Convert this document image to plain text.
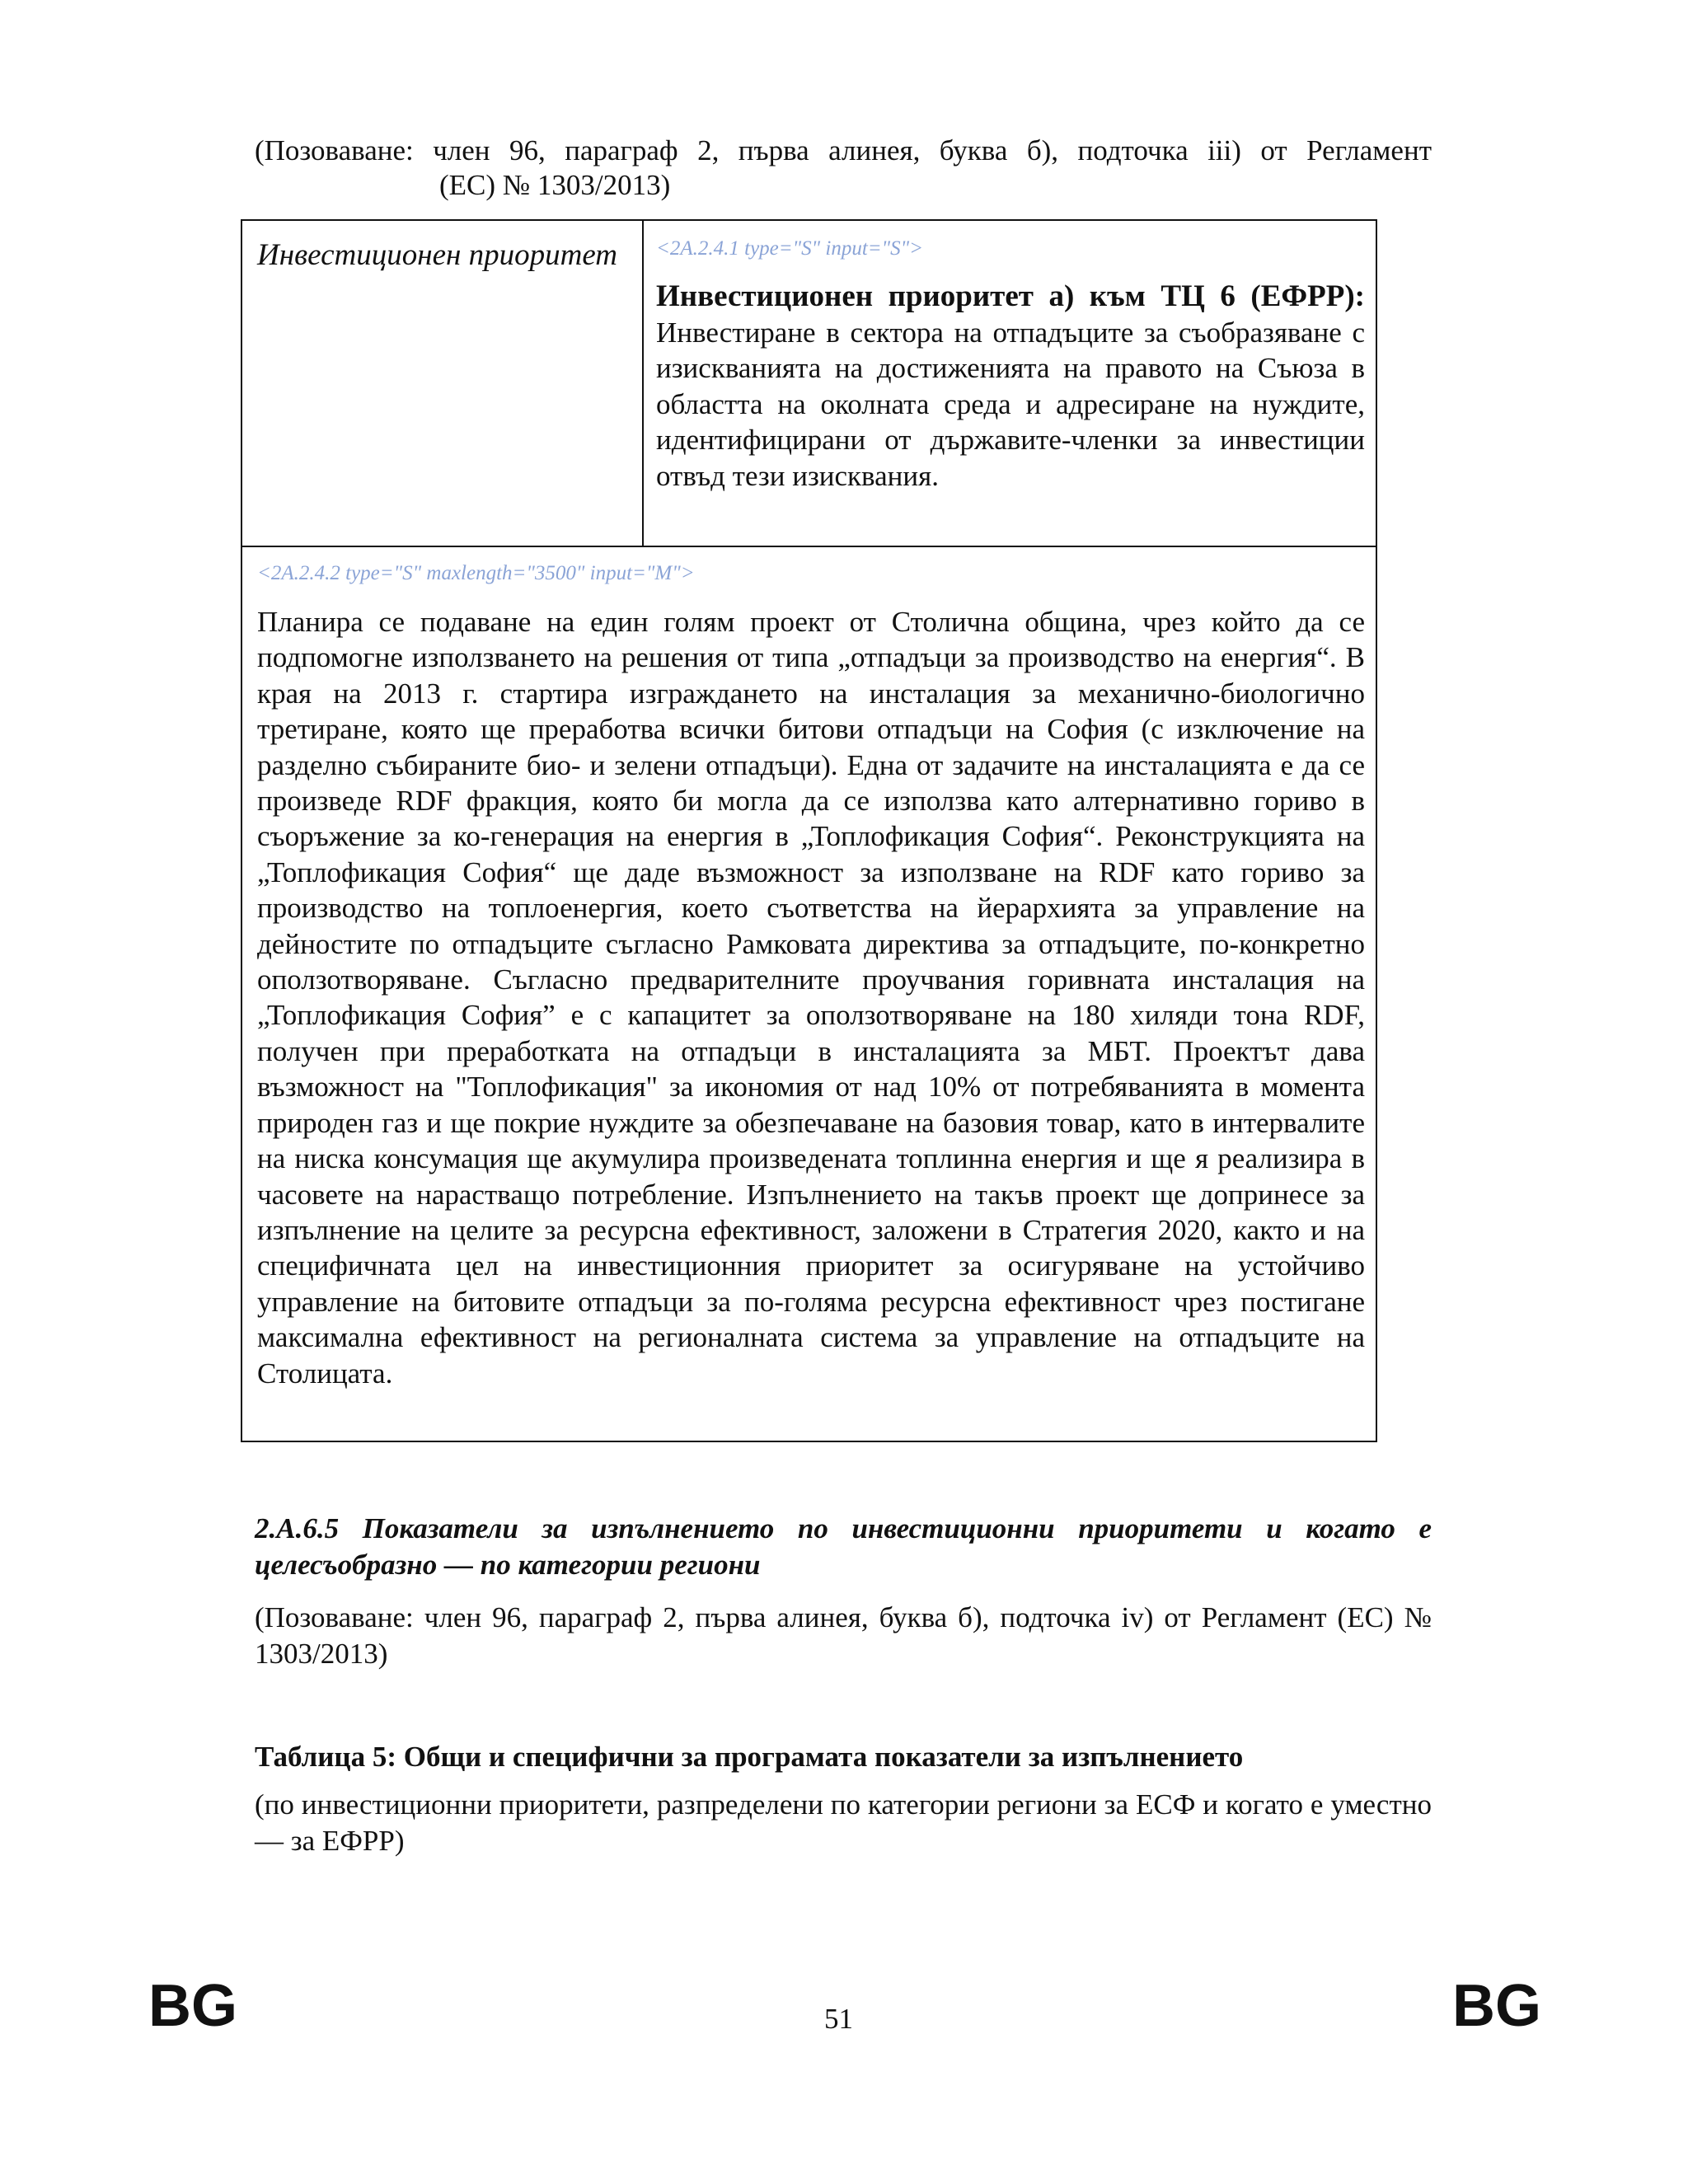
(Позоваване: член 96, параграф 2, първа алинея, буква б), подточка iii) от Регламент
(ЕС) № 1303/2013)
Инвестиционен приоритет <2A.2.4.1 type="S" input="S">
Инвестиционен приоритет а) към ТЦ 6 (ЕФРР): Инвестиране в сектора на отпадъците за съобразяване с изискванията на достиженията на правото на Съюза в областта на околната среда и адресиране на нуждите, идентифицирани от държавите-членки за инвестиции отвъд тези изисквания.
<2A.2.4.2 type="S" maxlength="3500" input="M">
Планира се подаване на един голям проект от Столична община, чрез който да се подпомогне използването на решения от типа „отпадъци за производство на енергия“. В края на 2013 г. стартира изграждането на инсталация за механично-биологично третиране, която ще преработва всички битови отпадъци на София (с изключение на разделно събираните био- и зелени отпадъци). Една от задачите на инсталацията е да се произведе RDF фракция, която би могла да се използва като алтернативно гориво в съоръжение за ко-генерация на енергия в „Топлофикация София“. Реконструкцията на „Топлофикация София“ ще даде възможност за използване на RDF като гориво за производство на топлоенергия, което съответства на йерархията за управление на дейностите по отпадъците съгласно Рамковата директива за отпадъците, по-конкретно оползотворяване. Съгласно предварителните проучвания горивната инсталация на „Топлофикация София” е с капацитет за оползотворяване на 180 хиляди тона RDF, получен при преработката на отпадъци в инсталацията за МБТ. Проектът дава възможност на "Топлофикация" за икономия от над 10% от потребяванията в момента природен газ и ще покрие нуждите за обезпечаване на базовия товар, като в интервалите на ниска консумация ще акумулира произведената топлинна енергия и ще я реализира в часовете на нарастващо потребление. Изпълнението на такъв проект ще допринесе за изпълнение на целите за ресурсна ефективност, заложени в Стратегия 2020, както и на специфичната цел на инвестиционния приоритет за осигуряване на устойчиво управление на битовите отпадъци за по-голяма ресурсна ефективност чрез постигане максимална ефективност на регионалната система за управление на отпадъците на Столицата.
2.A.6.5 Показатели за изпълнението по инвестиционни приоритети и когато е целесъобразно — по категории региони
(Позоваване: член 96, параграф 2, първа алинея, буква б), подточка iv) от Регламент (ЕС) № 1303/2013)
Таблица 5: Общи и специфични за програмата показатели за изпълнението
(по инвестиционни приоритети, разпределени по категории региони за ЕСФ и когато е уместно — за ЕФРР)
BG	51	BG
